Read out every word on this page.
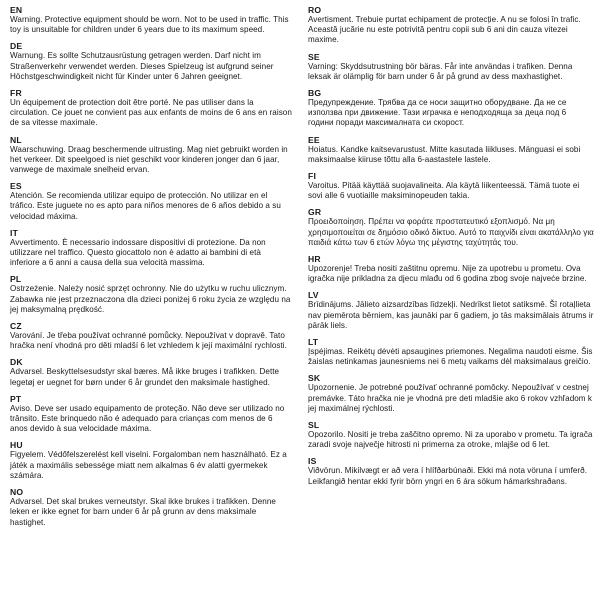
EN

Warning. Protective equipment should be worn. Not to be used in traffic. This toy is unsuitable for children under 6 years due to its maximum speed.

DE

Warnung. Es sollte Schutzausrüstung getragen werden. Darf nicht im Straßenverkehr verwendet werden. Dieses Spielzeug ist aufgrund seiner Höchstgeschwindigkeit nicht für Kinder unter 6 Jahren geeignet.

FR

Un équipement de protection doit être porté. Ne pas utiliser dans la circulation. Ce jouet ne convient pas aux enfants de moins de 6 ans en raison de sa vitesse maximale.

NL

Waarschuwing. Draag beschermende uitrusting. Mag niet gebruikt worden in het verkeer. Dit speelgoed is niet geschikt voor kinderen jonger dan 6 jaar, vanwege de maximale snelheid ervan.

ES

Atención. Se recomienda utilizar equipo de protección. No utilizar en el tráfico. Este juguete no es apto para niños menores de 6 años debido a su velocidad máxima.

IT

Avvertimento. È necessario indossare dispositivi di protezione. Da non utilizzare nel traffico. Questo giocattolo non è adatto ai bambini di età inferiore a 6 anni a causa della sua velocità massima.

PL

Ostrzeżenie. Należy nosić sprzęt ochronny. Nie do użytku w ruchu ulicznym. Zabawka nie jest przeznaczona dla dzieci poniżej 6 roku życia ze względu na jej maksymalną prędkość.

CZ

Varování. Je třeba používat ochranné pomůcky. Nepoužívat v dopravě. Tato hračka není vhodná pro děti mladší 6 let vzhledem k její maximální rychlosti.

DK

Advarsel. Beskyttelsesudstyr skal bæres. Må ikke bruges i trafikken. Dette legetøj er uegnet for børn under 6 år grundet den maksimale hastighed.

PT

Aviso. Deve ser usado equipamento de proteção. Não deve ser utilizado no trânsito. Este brinquedo não é adequado para crianças com menos de 6 anos devido à sua velocidade máxima.

HU

Figyelem. Védőfelszerelést kell viselni. Forgalomban nem használható. Ez a játék a maximális sebessége miatt nem alkalmas 6 év alatti gyermekek számára.

NO

Advarsel. Det skal brukes verneutstyr. Skal ikke brukes i trafikken. Denne leken er ikke egnet for barn under 6 år på grunn av dens maksimale hastighet.

RO

Avertisment. Trebuie purtat echipament de protecție. A nu se folosi în trafic. Această jucărie nu este potrivită pentru copii sub 6 ani din cauza vitezei maxime.

SE

Varning: Skyddsutrustning bör bäras. Får inte användas i trafiken. Denna leksak är olämplig för barn under 6 år på grund av dess maxhastighet.

BG

Предупреждение. Трябва да се носи защитно оборудване. Да не се използва при движение. Тази играчка е неподходяща за деца под 6 години поради максималната си скорост.

EE

Hoiatus. Kandke kaitsevarustust. Mitte kasutada liikluses. Mänguasi ei sobi maksimaalse kiiruse tõttu alla 6-aastastele lastele.

FI

Varoitus. Pitää käyttää suojavalineita. Ala käytä liikenteessä. Tämä tuote ei sovi alle 6 vuotiaille maksiminopeuden takia.

GR

Προειδοποίηση. Πρέπει να φοράτε προστατευτικό εξοπλισμό. Να μη χρησιμοποιείται σε δημόσιο οδικό δίκτυο. Αυτό το παιχνίδι είναι ακατάλληλο για παιδιά κάτω των 6 ετών λόγω της μέγιστης ταχύτητάς του.

HR

Upozorenje! Treba nositi zaštitnu opremu. Nije za upotrebu u prometu. Ova igračka nije prikladna za djecu mlađu od 6 godina zbog svoje najveće brzine.

LV

Brīdinājums. Jālieto aizsardzības līdzekļi. Nedrīkst lietot satiksmē. Šī rotaļlieta nav piemērota bērniem, kas jaunāki par 6 gadiem, jo tās maksimālais ātrums ir pārāk liels.

LT

Įspėjimas. Reikėtų dėvėti apsaugines priemones. Negalima naudoti eisme. Šis žaislas netinkamas jaunesniems nei 6 metų vaikams dėl maksimalaus greičio.

SK

Upozornenie. Je potrebné používať ochranné pomôcky. Nepoužívať v cestnej premávke. Táto hračka nie je vhodná pre deti mladšie ako 6 rokov vzhľadom k jej maximálnej rýchlosti.

SL

Opozorilo. Nositi je treba zaščitno opremo. Ni za uporabo v prometu. Ta igrača zaradi svoje največje hitrosti ni primerna za otroke, mlajše od 6 let.

IS

Viðvörun. Mikilvægt er að vera í hlífðarbúnaði. Ekki má nota vöruna í umferð. Leikfangið hentar ekki fyrir börn yngri en 6 ára sökum hámarkshraðans.
